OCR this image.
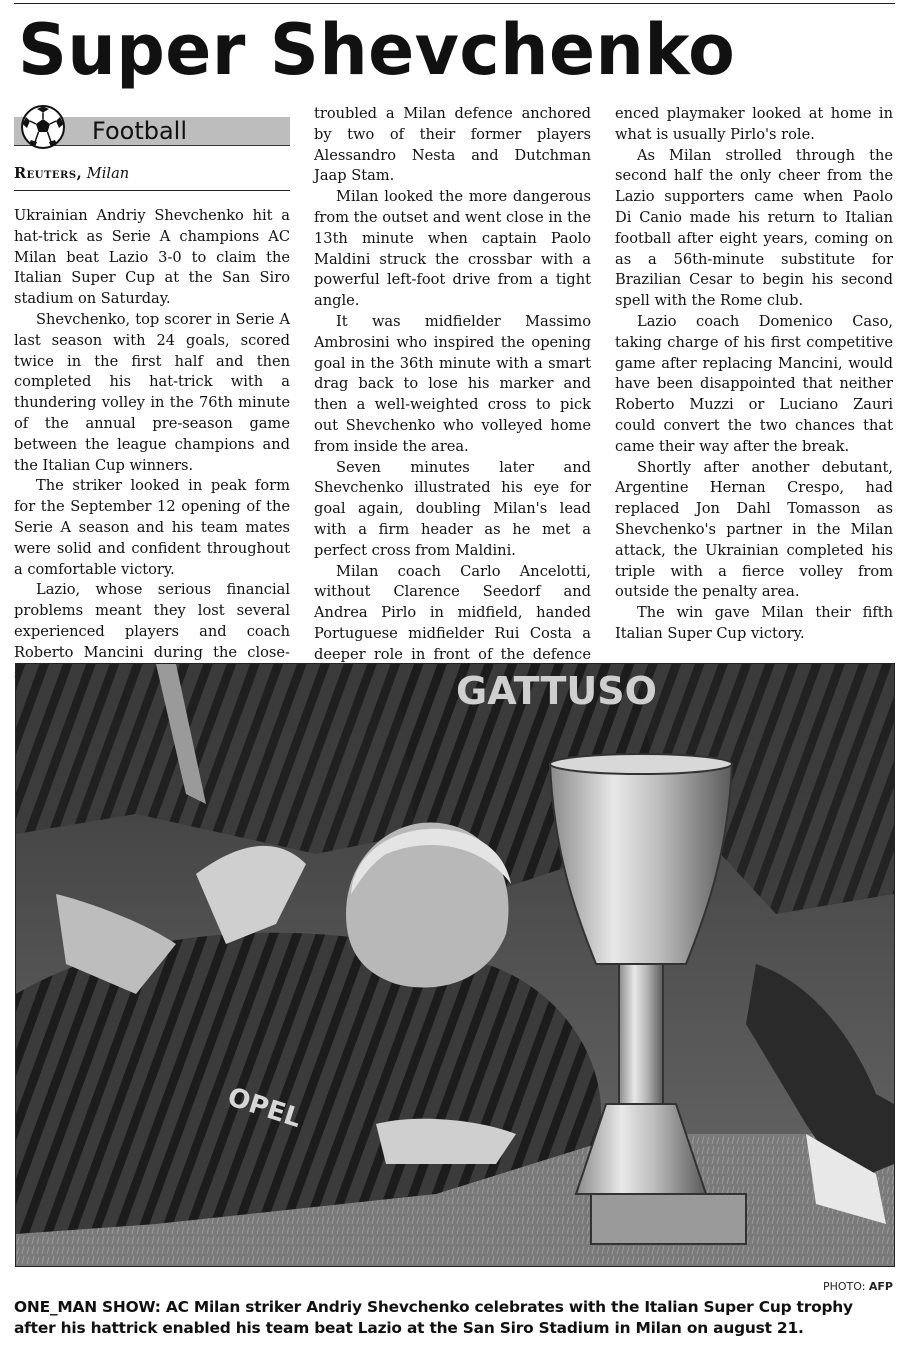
Super Shevchenko
Football
Reuters, Milan

Ukrainian Andriy Shevchenko hit a hat-trick as Serie A champions AC Milan beat Lazio 3-0 to claim the Italian Super Cup at the San Siro stadium on Saturday.

Shevchenko, top scorer in Serie A last season with 24 goals, scored twice in the first half and then completed his hat-trick with a thundering volley in the 76th minute of the annual pre-season game between the league champions and the Italian Cup winners.

The striker looked in peak form for the September 12 opening of the Serie A season and his team mates were solid and confident throughout a comfortable victory.

Lazio, whose serious financial problems meant they lost several experienced players and coach Roberto Mancini during the close-

troubled a Milan defence anchored by two of their former players Alessandro Nesta and Dutchman Jaap Stam.

Milan looked the more dangerous from the outset and went close in the 13th minute when captain Paolo Maldini struck the crossbar with a powerful left-foot drive from a tight angle.

It was midfielder Massimo Ambrosini who inspired the opening goal in the 36th minute with a smart drag back to lose his marker and then a well-weighted cross to pick out Shevchenko who volleyed home from inside the area.

Seven minutes later and Shevchenko illustrated his eye for goal again, doubling Milan's lead with a firm header as he met a perfect cross from Maldini.

Milan coach Carlo Ancelotti, without Clarence Seedorf and Andrea Pirlo in midfield, handed Portuguese midfielder Rui Costa a deeper role in front of the defence

enced playmaker looked at home in what is usually Pirlo's role.

As Milan strolled through the second half the only cheer from the Lazio supporters came when Paolo Di Canio made his return to Italian football after eight years, coming on as a 56th-minute substitute for Brazilian Cesar to begin his second spell with the Rome club.

Lazio coach Domenico Caso, taking charge of his first competitive game after replacing Mancini, would have been disappointed that neither Roberto Muzzi or Luciano Zauri could convert the two chances that came their way after the break.

Shortly after another debutant, Argentine Hernan Crespo, had replaced Jon Dahl Tomasson as Shevchenko's partner in the Milan attack, the Ukrainian completed his triple with a fierce volley from outside the penalty area.

The win gave Milan their fifth Italian Super Cup victory.

GATTUSO
OPEL
PHOTO: AFP

ONE_MAN SHOW: AC Milan striker Andriy Shevchenko celebrates with the Italian Super Cup trophy after his hattrick enabled his team beat Lazio at the San Siro Stadium in Milan on august 21.
